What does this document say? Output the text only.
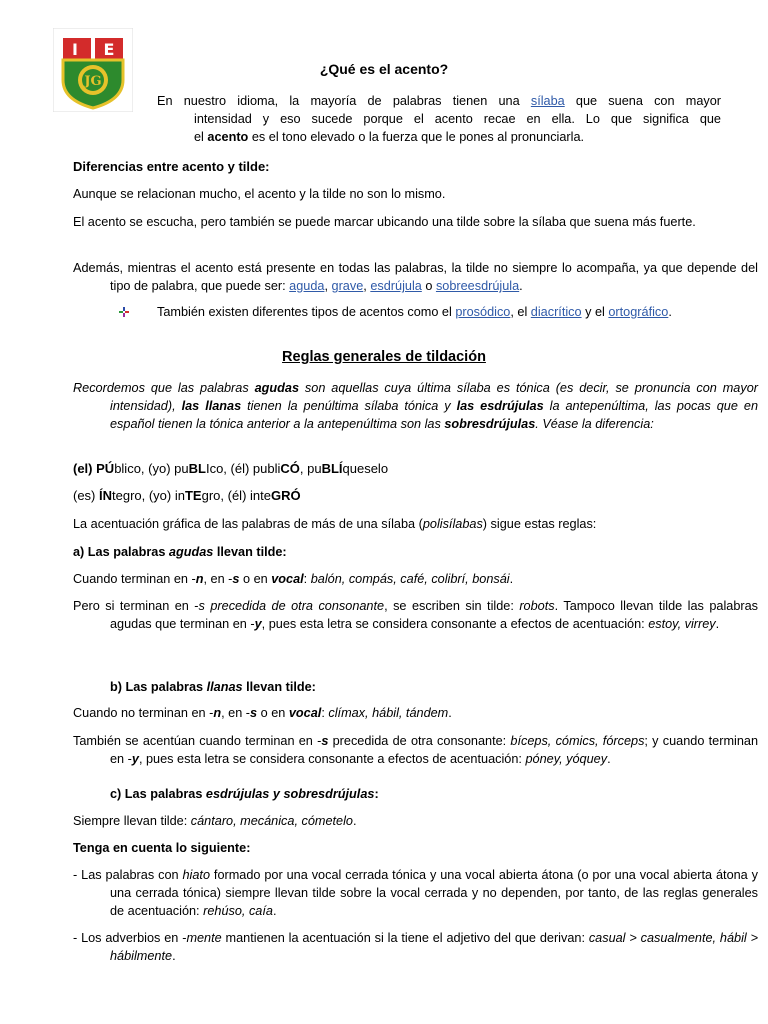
I E
JG
¿Qué es el acento?

En nuestro idioma, la mayoría de palabras tienen una sílaba que suena con mayor

intensidad y eso sucede porque el acento recae en ella. Lo que significa que

el acento es el tono elevado o la fuerza que le pones al pronunciarla.

Diferencias entre acento y tilde:

Aunque se relacionan mucho, el acento y la tilde no son lo mismo.

El acento se escucha, pero también se puede marcar ubicando una tilde sobre la sílaba que suena más fuerte.

Además, mientras el acento está presente en todas las palabras, la tilde no siempre lo acompaña, ya que depende del tipo de palabra, que puede ser: aguda, grave, esdrújula o sobreesdrújula.

También existen diferentes tipos de acentos como el prosódico, el diacrítico y el ortográfico.

Reglas generales de tildación

Recordemos que las palabras agudas son aquellas cuya última sílaba es tónica (es decir, se pronuncia con mayor intensidad), las llanas tienen la penúltima sílaba tónica y las esdrújulas la antepenúltima, las pocas que en español tienen la tónica anterior a la antepenúltima son las sobresdrújulas. Véase la diferencia:

(el) PÚblico, (yo) puBLIco, (él) publiCÓ, puBLÍqueselo

(es) ÍNtegro, (yo) inTEgro, (él) inteGRÓ

La acentuación gráfica de las palabras de más de una sílaba (polisílabas) sigue estas reglas:

a) Las palabras agudas llevan tilde:

Cuando terminan en -n, en -s o en vocal: balón, compás, café, colibrí, bonsái.

Pero si terminan en -s precedida de otra consonante, se escriben sin tilde: robots. Tampoco llevan tilde las palabras agudas que terminan en -y, pues esta letra se considera consonante a efectos de acentuación: estoy, virrey.

b) Las palabras llanas llevan tilde:

Cuando no terminan en -n, en -s o en vocal: clímax, hábil, tándem.

También se acentúan cuando terminan en -s precedida de otra consonante: bíceps, cómics, fórceps; y cuando terminan en -y, pues esta letra se considera consonante a efectos de acentuación: póney, yóquey.

c) Las palabras esdrújulas y sobresdrújulas:

Siempre llevan tilde: cántaro, mecánica, cómetelo.

Tenga en cuenta lo siguiente:

- Las palabras con hiato formado por una vocal cerrada tónica y una vocal abierta átona (o por una vocal abierta átona y una cerrada tónica) siempre llevan tilde sobre la vocal cerrada y no dependen, por tanto, de las reglas generales de acentuación: rehúso, caía.

- Los adverbios en -mente mantienen la acentuación si la tiene el adjetivo del que derivan: casual > casualmente, hábil > hábilmente.
